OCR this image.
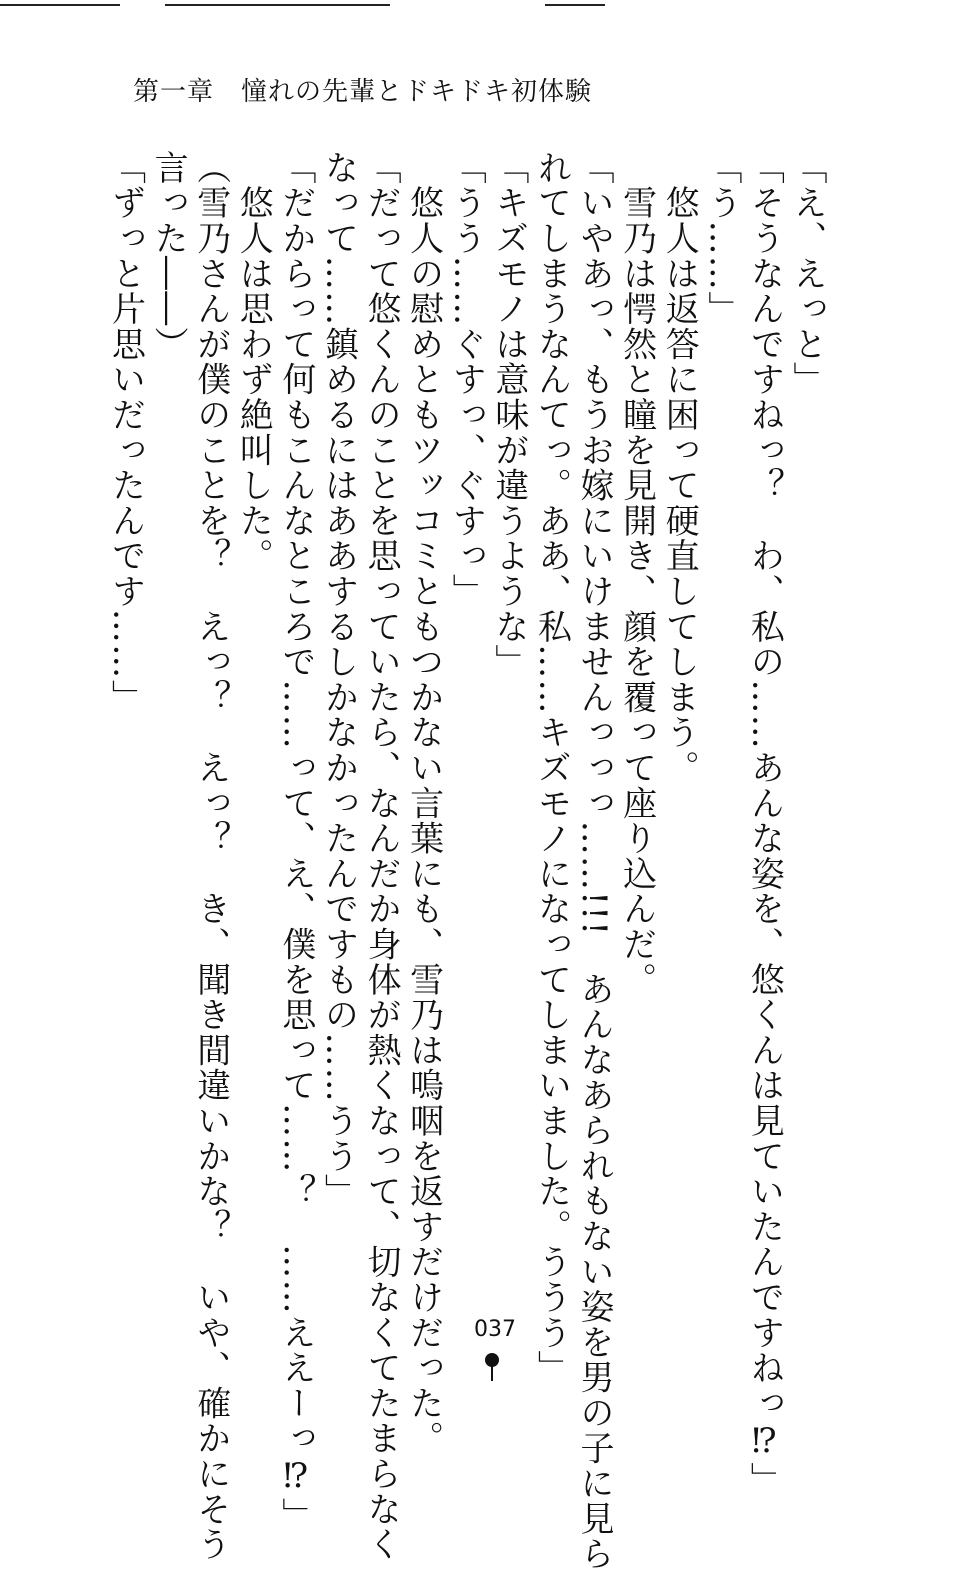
第一章　憧れの先輩とドキドキ初体験

「え、えっと」

「そうなんですねっ？　わ、私の……あんな姿を、悠くんは見ていたんですねっ⁉」

「う……」

　悠人は返答に困って硬直してしまう。

　雪乃は愕然と瞳を見開き、顔を覆って座り込んだ。

「いやあっ、もうお嫁にいけませんっっっ……!!!　あんなあられもない姿を男の子に見ら

れてしまうなんてっ。ああ、私……キズモノになってしまいました。ううう」

「キズモノは意味が違うような」

「うう……ぐすっ、ぐすっ」

　悠人の慰めともツッコミともつかない言葉にも、雪乃は嗚咽を返すだけだった。

「だって悠くんのことを思っていたら、なんだか身体が熱くなって、切なくてたまらなく

なって……鎮めるにはああするしかなかったんですもの……うう」

「だからって何もこんなところで……って、え、僕を思って……？　……ええーっ⁉」

　悠人は思わず絶叫した。

（雪乃さんが僕のことを？　えっ？　えっ？　き、聞き間違いかな？　いや、確かにそう

言った――）

「ずっと片思いだったんです……」

037
